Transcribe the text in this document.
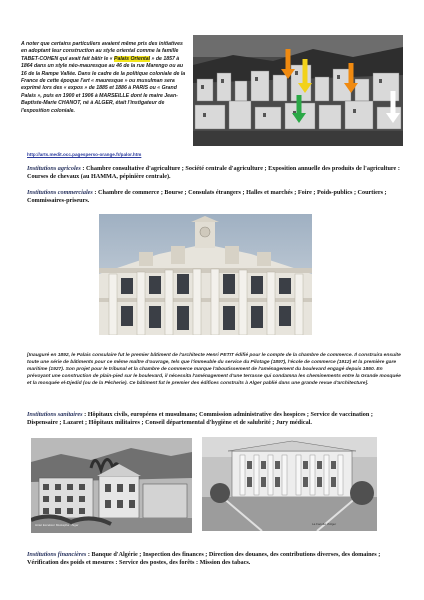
A noter que certains particuliers avaient même pris des initiatives en adoptant leur construction au style oriental comme la famille TABET-COHEN qui avait fait bâtir le « Palais Oriental » de 1857 à 1864 dans un style néo-mauresque au 46 de la rue Marengo ou au 16 de la Rampe Vallée. Dans le cadre de la politique coloniale de la France de cette époque l'art « mauresque » ou musulman sera exprimé lors des « expos » de 1885 et 1886 à PARIS ou « Grand Palais », puis en 1900 et 1906 à MARSEILLE dont le maire Jean-Baptiste-Marie CHANOT, né à ALGER, était l'instigateur de l'exposition coloniale.
http://arts.medit.occ.pagesperso-orange.fr/palor.htm
Institutions agricoles : Chambre consultative d'agriculture ; Société centrale d'agriculture ; Exposition annuelle des produits de l'agriculture : Courses de chevaux (au HAMMA, pépinière centrale).
Institutions commerciales : Chambre de commerce ; Bourse ; Consulats étrangers ; Halles et marchés ; Foire ; Poids-publics ; Courtiers ; Commissaires-priseurs.
[Inauguré en 1892, le Palais consulaire fut le premier bâtiment de l'architecte Henri PETIT édifié pour le compte de la chambre de commerce. Il construira ensuite toute une série de bâtiments pour ce même maître d'ouvrage, tels que l'immeuble du service du Pilotage (1897), l'école de commerce (1912) et la première gare maritime (1927). Son projet pour le tribunal et la chambre de commerce marque l'aboutissement de l'aménagement du boulevard engagé depuis 1860. En prévoyant une construction de plain-pied sur le boulevard, il nécessita l'aménagement d'une terrasse qui condamna les cheminements entre la Grande mosquée et la mosquée el-Djedid (ou de la Pêcherie). Ce bâtiment fut le premier des édifices construits à Alger pablié dans une grande revue d'architecture].
Institutions sanitaires : Hôpitaux civils, européens et musulmans; Commission administrative des hospices ; Service de vaccination ; Dispensaire ; Lazaret ; Hôpitaux militaires ; Conseil départemental d'hygiène et de salubrité ; Jury médical.
Hôtel Excelsior Mustapha · Alger	La Faculté d'Alger
Institutions financières : Banque d'Algérie ; Inspection des finances ; Direction des douanes, des contributions diverses, des domaines ; Vérification des poids et mesures : Service des postes, des forêts : Mission des tabacs.
